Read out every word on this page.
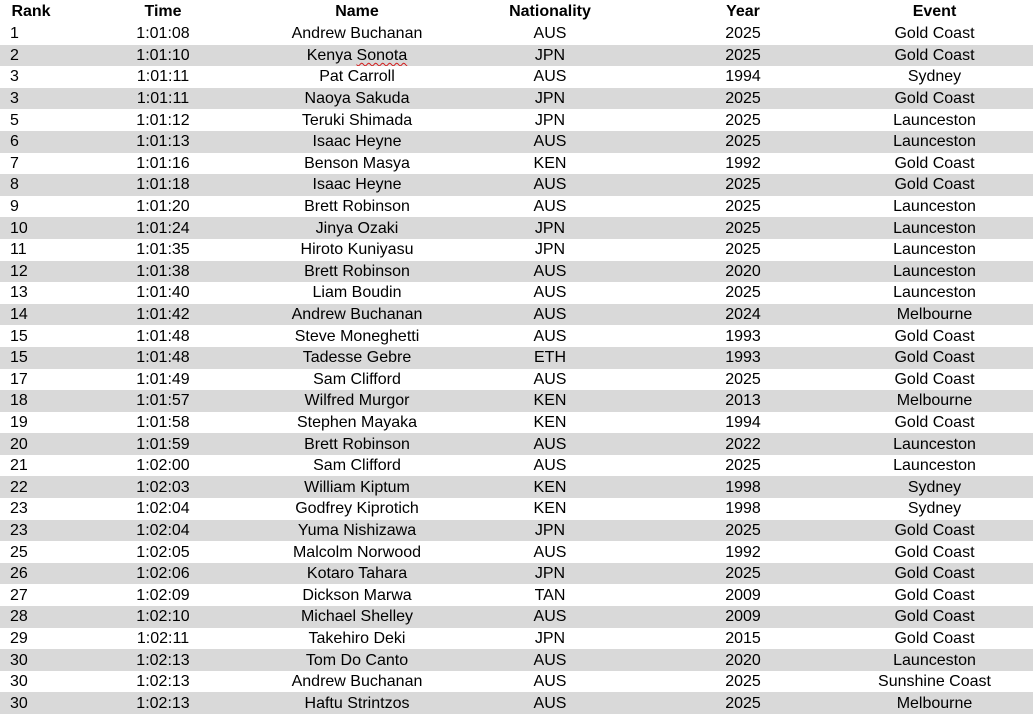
Rank	Time	Name	Nationality	Year	Event
1	1:01:08	Andrew Buchanan	AUS	2025	Gold Coast
2	1:01:10	Kenya Sonota	JPN	2025	Gold Coast
3	1:01:11	Pat Carroll	AUS	1994	Sydney
3	1:01:11	Naoya Sakuda	JPN	2025	Gold Coast
5	1:01:12	Teruki Shimada	JPN	2025	Launceston
6	1:01:13	Isaac Heyne	AUS	2025	Launceston
7	1:01:16	Benson Masya	KEN	1992	Gold Coast
8	1:01:18	Isaac Heyne	AUS	2025	Gold Coast
9	1:01:20	Brett Robinson	AUS	2025	Launceston
10	1:01:24	Jinya Ozaki	JPN	2025	Launceston
11	1:01:35	Hiroto Kuniyasu	JPN	2025	Launceston
12	1:01:38	Brett Robinson	AUS	2020	Launceston
13	1:01:40	Liam Boudin	AUS	2025	Launceston
14	1:01:42	Andrew Buchanan	AUS	2024	Melbourne
15	1:01:48	Steve Moneghetti	AUS	1993	Gold Coast
15	1:01:48	Tadesse Gebre	ETH	1993	Gold Coast
17	1:01:49	Sam Clifford	AUS	2025	Gold Coast
18	1:01:57	Wilfred Murgor	KEN	2013	Melbourne
19	1:01:58	Stephen Mayaka	KEN	1994	Gold Coast
20	1:01:59	Brett Robinson	AUS	2022	Launceston
21	1:02:00	Sam Clifford	AUS	2025	Launceston
22	1:02:03	William Kiptum	KEN	1998	Sydney
23	1:02:04	Godfrey Kiprotich	KEN	1998	Sydney
23	1:02:04	Yuma Nishizawa	JPN	2025	Gold Coast
25	1:02:05	Malcolm Norwood	AUS	1992	Gold Coast
26	1:02:06	Kotaro Tahara	JPN	2025	Gold Coast
27	1:02:09	Dickson Marwa	TAN	2009	Gold Coast
28	1:02:10	Michael Shelley	AUS	2009	Gold Coast
29	1:02:11	Takehiro Deki	JPN	2015	Gold Coast
30	1:02:13	Tom Do Canto	AUS	2020	Launceston
30	1:02:13	Andrew Buchanan	AUS	2025	Sunshine Coast
30	1:02:13	Haftu Strintzos	AUS	2025	Melbourne
